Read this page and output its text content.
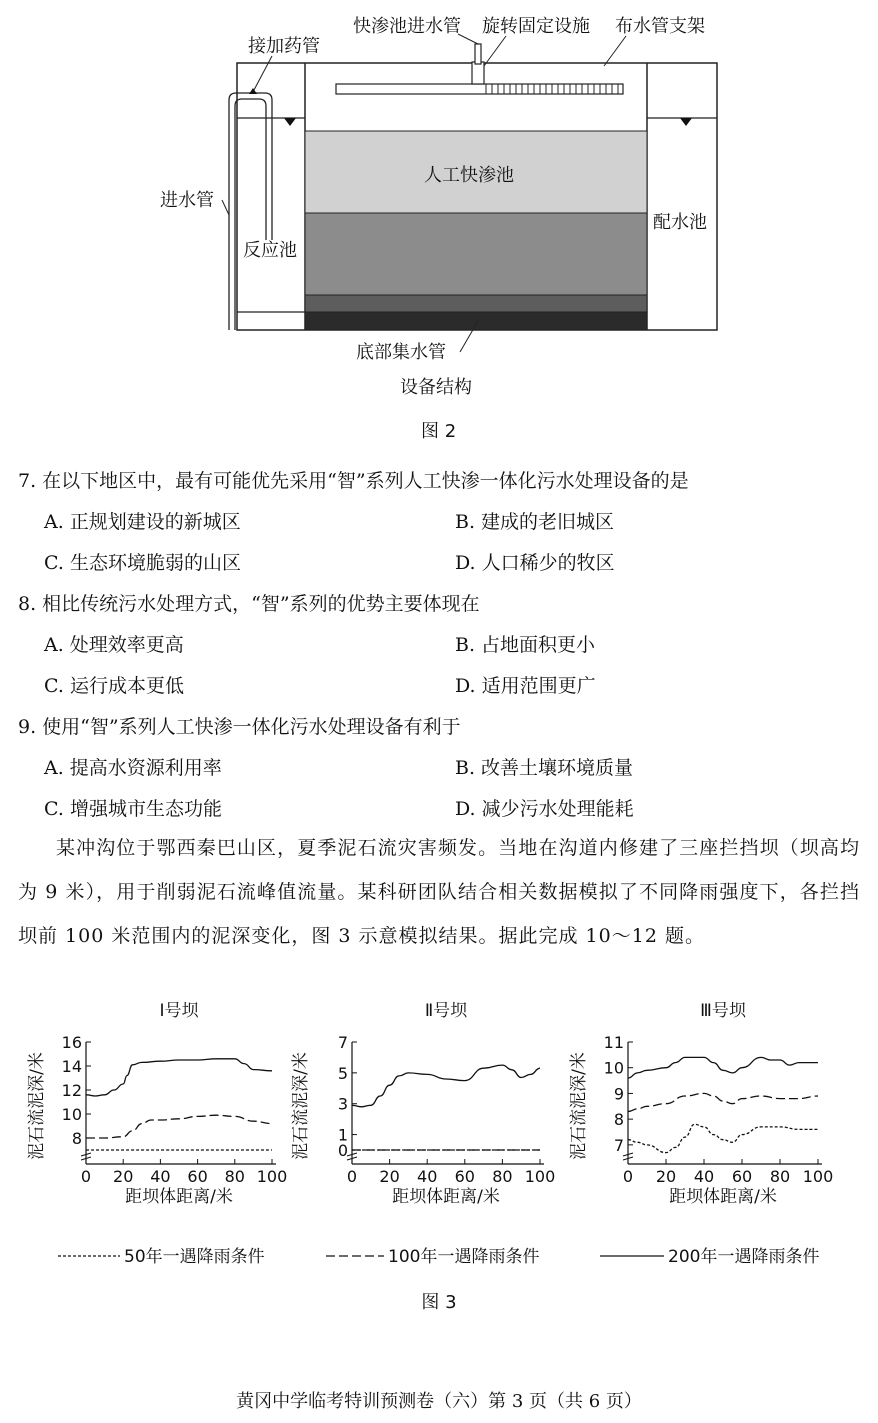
接加药管
快渗池进水管 旋转固定设施 布水管支架
进水管
反应池
人工快渗池
配水池
底部集水管
设备结构
图 2
7. 在以下地区中，最有可能优先采用“智”系列人工快渗一体化污水处理设备的是
A. 正规划建设的新城区	B. 建成的老旧城区
C. 生态环境脆弱的山区	D. 人口稀少的牧区
8. 相比传统污水处理方式，“智”系列的优势主要体现在
A. 处理效率更高	B. 占地面积更小
C. 运行成本更低	D. 适用范围更广
9. 使用“智”系列人工快渗一体化污水处理设备有利于
A. 提高水资源利用率	B. 改善土壤环境质量
C. 增强城市生态功能	D. 减少污水处理能耗

某冲沟位于鄂西秦巴山区，夏季泥石流灾害频发。当地在沟道内修建了三座拦挡坝（坝高均为 9 米），用于削弱泥石流峰值流量。某科研团队结合相关数据模拟了不同降雨强度下，各拦挡坝前 100 米范围内的泥深变化，图 3 示意模拟结果。据此完成 10～12 题。

Ⅰ号坝
8
10
12
14
16
0 20 40 60 80 100
距坝体距离/米
泥石流泥深/米
Ⅱ号坝
0
1
3
5
7
0 20 40 60 80 100
距坝体距离/米
泥石流泥深/米
Ⅲ号坝
7
8
9
10
11
0 20 40 60 80 100
距坝体距离/米
泥石流泥深/米
50年一遇降雨条件	100年一遇降雨条件	200年一遇降雨条件
图 3
黄冈中学临考特训预测卷（六）第 3 页（共 6 页）
